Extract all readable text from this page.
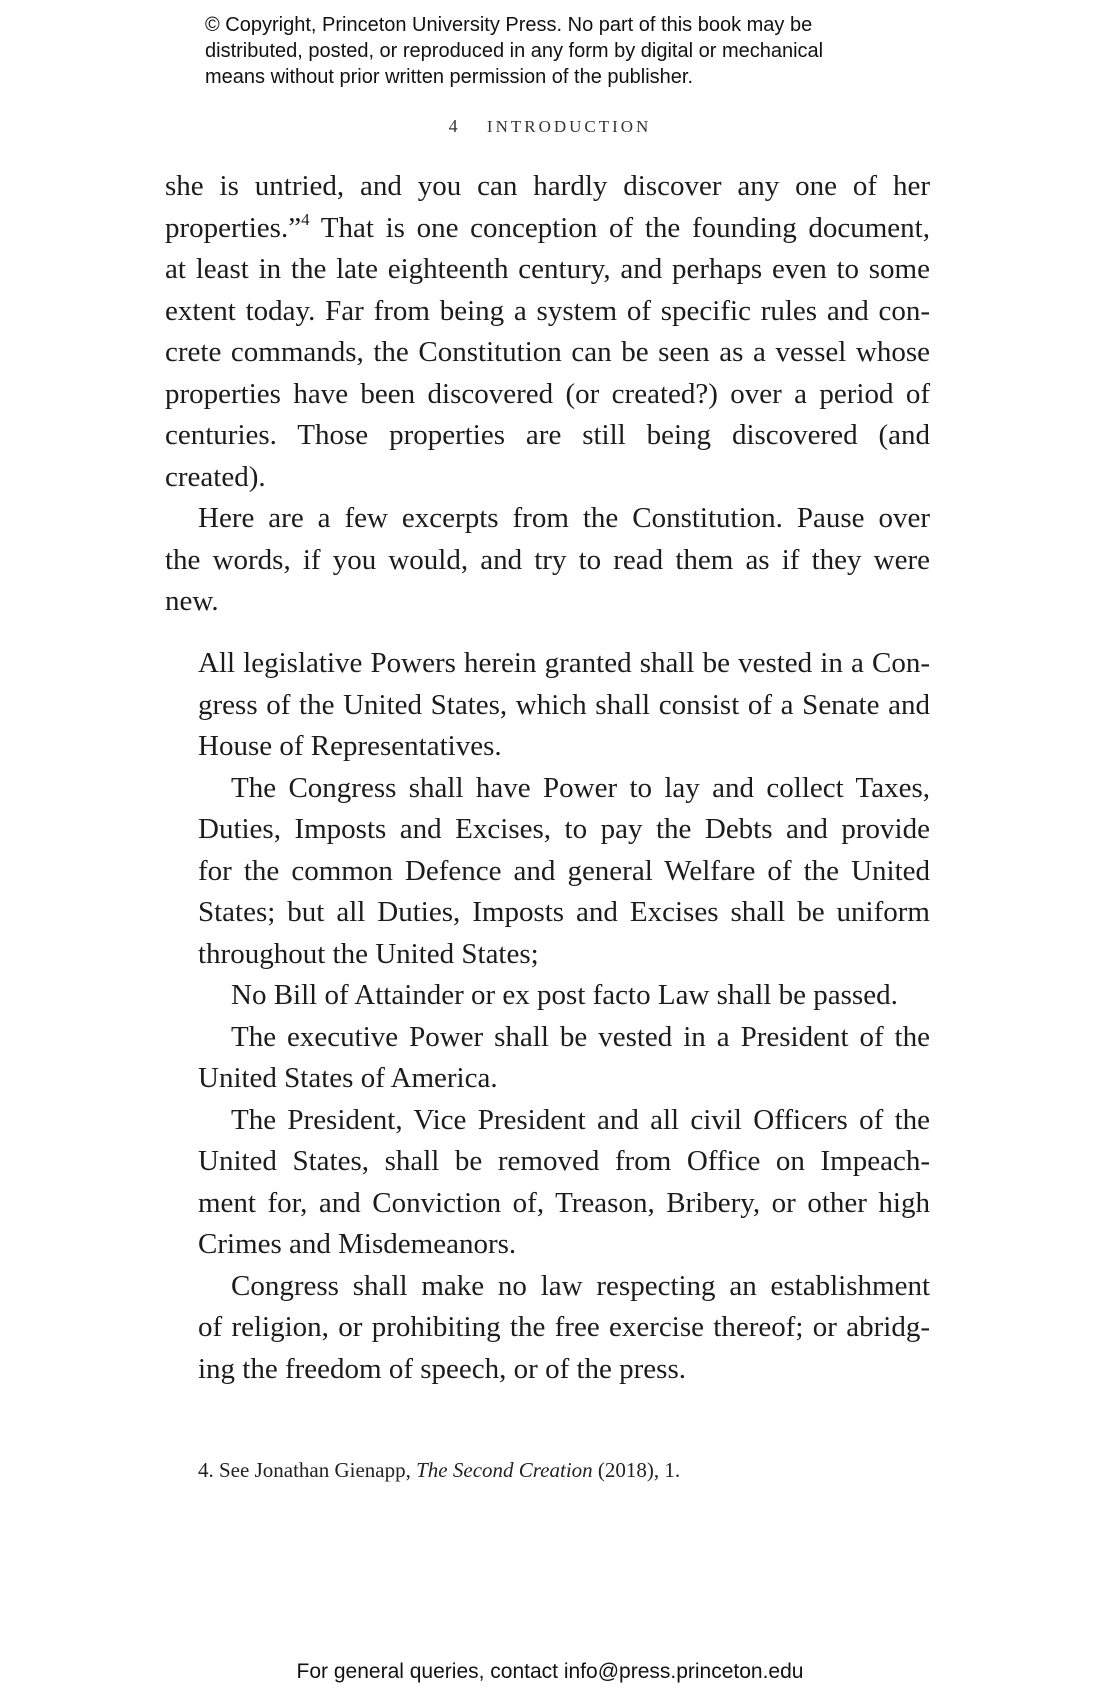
© Copyright, Princeton University Press. No part of this book may be
distributed, posted, or reproduced in any form by digital or mechanical
means without prior written permission of the publisher.
4 INTRODUCTION
she is untried, and you can hardly discover any one of her
properties.”$^4$ That is one conception of the founding document,
at least in the late eighteenth century, and perhaps even to some
extent today. Far from being a system of specific rules and con-
crete commands, the Constitution can be seen as a vessel whose
properties have been discovered (or created?) over a period of
centuries. Those properties are still being discovered (and
created).
Here are a few excerpts from the Constitution. Pause over
the words, if you would, and try to read them as if they were
new.
All legislative Powers herein granted shall be vested in a Con-
gress of the United States, which shall consist of a Senate and
House of Representatives.
The Congress shall have Power to lay and collect Taxes,
Duties, Imposts and Excises, to pay the Debts and provide
for the common Defence and general Welfare of the United
States; but all Duties, Imposts and Excises shall be uniform
throughout the United States;
No Bill of Attainder or ex post facto Law shall be passed.
The executive Power shall be vested in a President of the
United States of America.
The President, Vice President and all civil Officers of the
United States, shall be removed from Office on Impeach-
ment for, and Conviction of, Treason, Bribery, or other high
Crimes and Misdemeanors.
Congress shall make no law respecting an establishment
of religion, or prohibiting the free exercise thereof; or abridg-
ing the freedom of speech, or of the press.
4. See Jonathan Gienapp, The Second Creation (2018), 1.
For general queries, contact info@press.princeton.edu
